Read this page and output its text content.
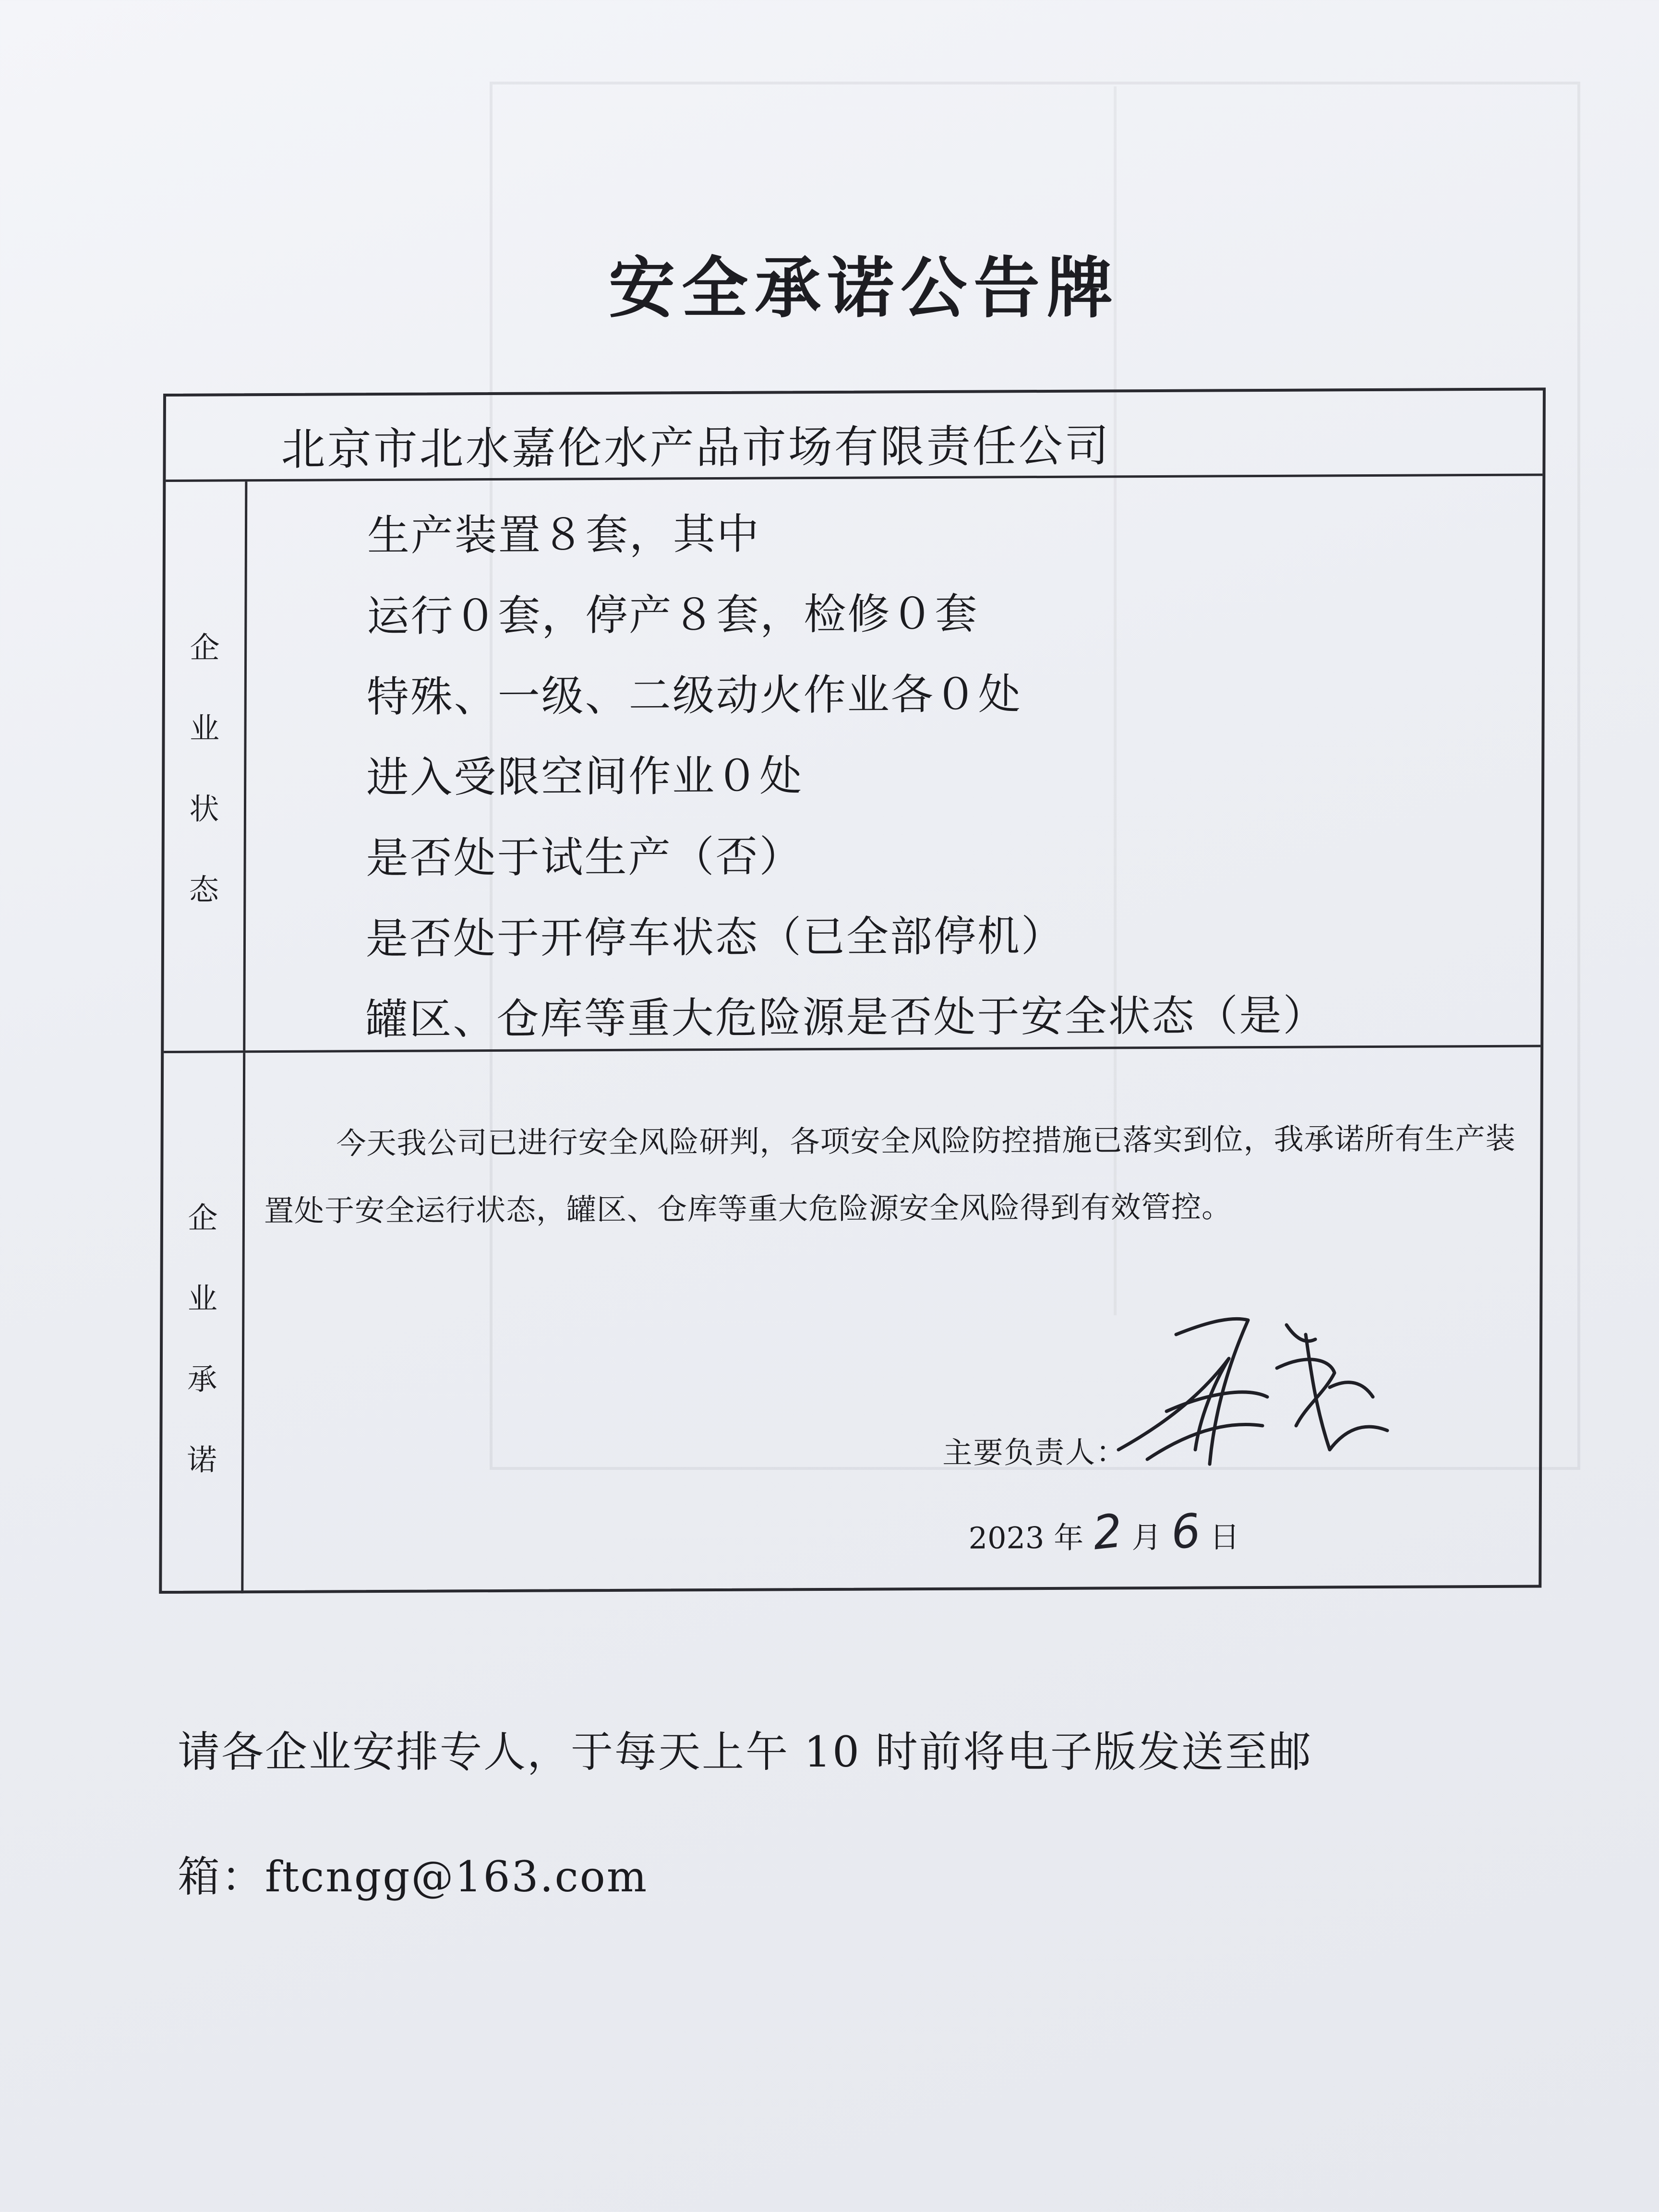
安全承诺公告牌
北京市北水嘉伦水产品市场有限责任公司
企
业
状
态
生产装置８套，其中
运行０套，停产８套，检修０套
特殊、一级、二级动火作业各０处
进入受限空间作业０处
是否处于试生产（否）
是否处于开停车状态（已全部停机）
罐区、仓库等重大危险源是否处于安全状态（是）
企
业
承
诺
今天我公司已进行安全风险研判，各项安全风险防控措施已落实到位，我承诺所有生产装置处于安全运行状态，罐区、仓库等重大危险源安全风险得到有效管控。
主要负责人：
2023 年 2 月 6 日
请各企业安排专人，于每天上午 10 时前将电子版发送至邮
箱：ftcngg@163.com
